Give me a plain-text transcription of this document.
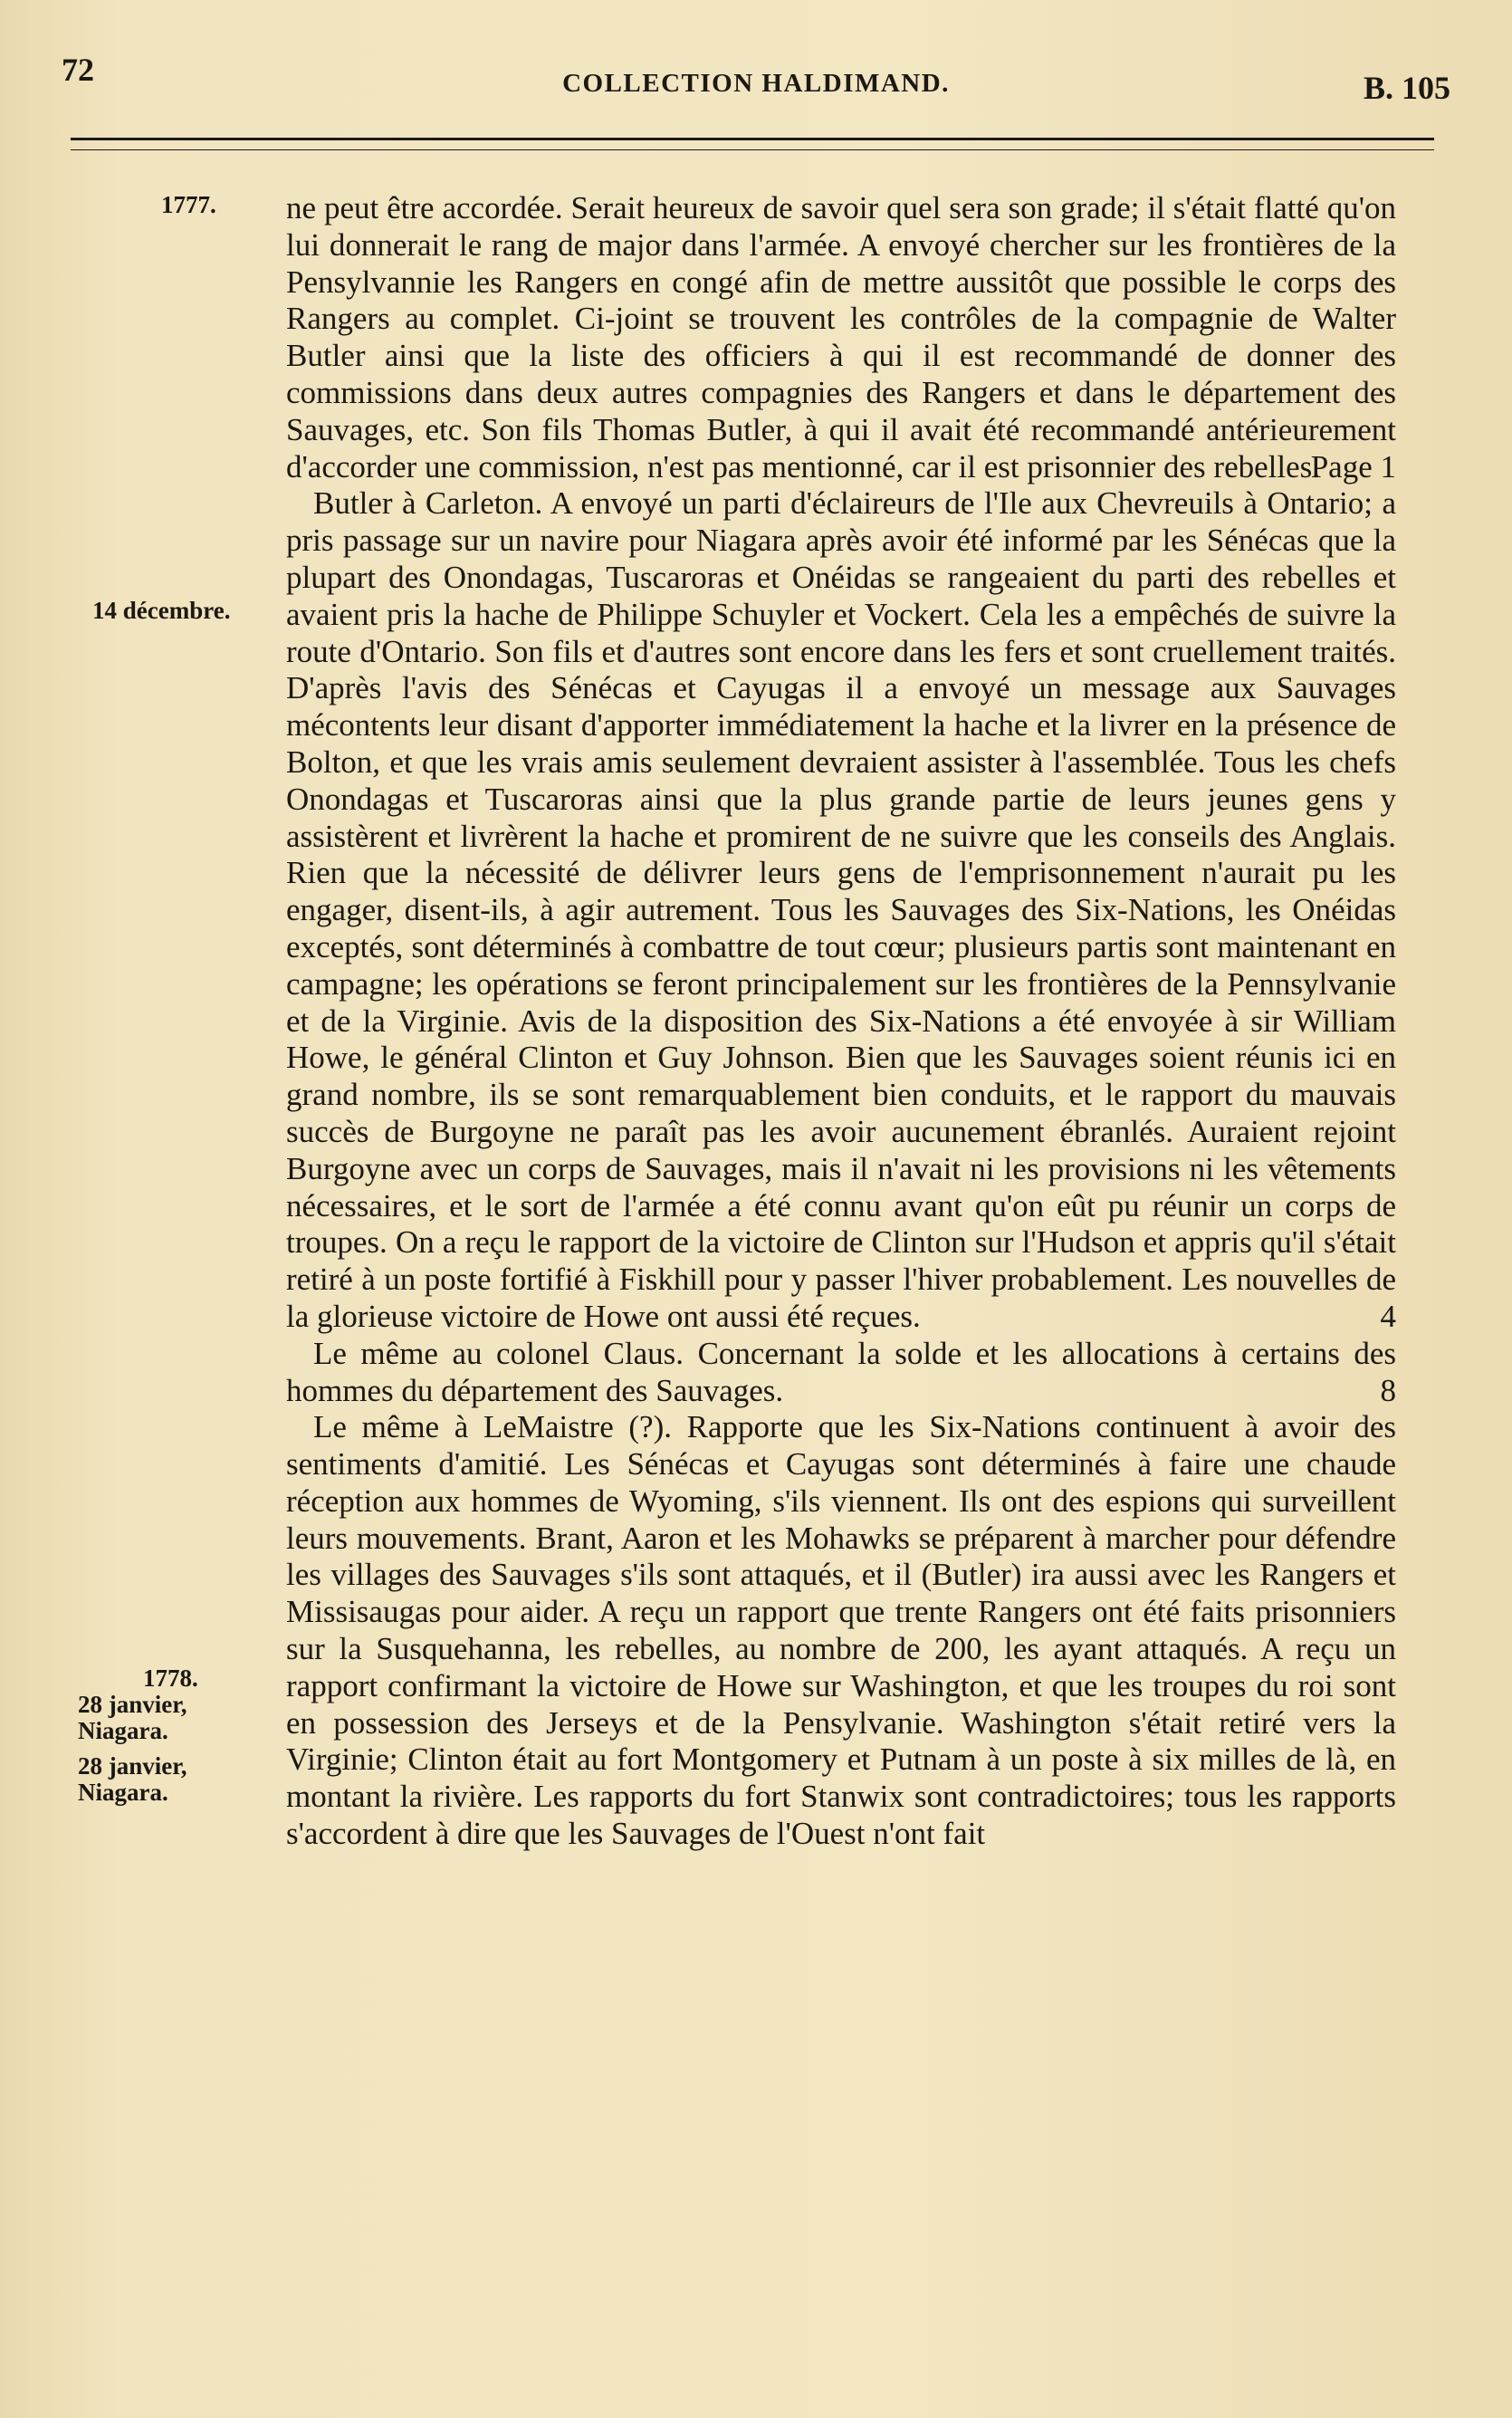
72	COLLECTION HALDIMAND.	B. 105
1777.
14 décembre.
1778.
28 janvier,
Niagara.
28 janvier,
Niagara.

ne peut être accordée. Serait heureux de savoir quel sera son grade; il s'était flatté qu'on lui donnerait le rang de major dans l'armée. A envoyé chercher sur les frontières de la Pensylvannie les Rangers en congé afin de mettre aussitôt que possible le corps des Rangers au complet. Ci-joint se trouvent les contrôles de la compagnie de Walter Butler ainsi que la liste des officiers à qui il est recommandé de donner des commissions dans deux autres compagnies des Rangers et dans le département des Sauvages, etc. Son fils Thomas Butler, à qui il avait été recommandé antérieurement d'accorder une commission, n'est pas mentionné, car il est prisonnier des rebelles.

Page 1

Butler à Carleton. A envoyé un parti d'éclaireurs de l'Ile aux Chevreuils à Ontario; a pris passage sur un navire pour Niagara après avoir été informé par les Sénécas que la plupart des Onondagas, Tuscaroras et Onéidas se rangeaient du parti des rebelles et avaient pris la hache de Philippe Schuyler et Vockert. Cela les a empêchés de suivre la route d'Ontario. Son fils et d'autres sont encore dans les fers et sont cruellement traités. D'après l'avis des Sénécas et Cayugas il a envoyé un message aux Sauvages mécontents leur disant d'apporter immédiatement la hache et la livrer en la présence de Bolton, et que les vrais amis seulement devraient assister à l'assemblée. Tous les chefs Onondagas et Tuscaroras ainsi que la plus grande partie de leurs jeunes gens y assistèrent et livrèrent la hache et promirent de ne suivre que les conseils des Anglais. Rien que la nécessité de délivrer leurs gens de l'emprisonnement n'aurait pu les engager, disent-ils, à agir autrement. Tous les Sauvages des Six-Nations, les Onéidas exceptés, sont déterminés à combattre de tout cœur; plusieurs partis sont maintenant en campagne; les opérations se feront principalement sur les frontières de la Pennsylvanie et de la Virginie. Avis de la disposition des Six-Nations a été envoyée à sir William Howe, le général Clinton et Guy Johnson. Bien que les Sauvages soient réunis ici en grand nombre, ils se sont remarquablement bien conduits, et le rapport du mauvais succès de Burgoyne ne paraît pas les avoir aucunement ébranlés. Auraient rejoint Burgoyne avec un corps de Sauvages, mais il n'avait ni les provisions ni les vêtements nécessaires, et le sort de l'armée a été connu avant qu'on eût pu réunir un corps de troupes. On a reçu le rapport de la victoire de Clinton sur l'Hudson et appris qu'il s'était retiré à un poste fortifié à Fiskhill pour y passer l'hiver probablement. Les nouvelles de la glorieuse victoire de Howe ont aussi été reçues.	4

Le même au colonel Claus. Concernant la solde et les allocations à certains des hommes du département des Sauvages.	8

Le même à LeMaistre (?). Rapporte que les Six-Nations continuent à avoir des sentiments d'amitié. Les Sénécas et Cayugas sont déterminés à faire une chaude réception aux hommes de Wyoming, s'ils viennent. Ils ont des espions qui surveillent leurs mouvements. Brant, Aaron et les Mohawks se préparent à marcher pour défendre les villages des Sauvages s'ils sont attaqués, et il (Butler) ira aussi avec les Rangers et Missisaugas pour aider. A reçu un rapport que trente Rangers ont été faits prisonniers sur la Susquehanna, les rebelles, au nombre de 200, les ayant attaqués. A reçu un rapport confirmant la victoire de Howe sur Washington, et que les troupes du roi sont en possession des Jerseys et de la Pensylvanie. Washington s'était retiré vers la Virginie; Clinton était au fort Montgomery et Putnam à un poste à six milles de là, en montant la rivière. Les rapports du fort Stanwix sont contradictoires; tous les rapports s'accordent à dire que les Sauvages de l'Ouest n'ont fait
